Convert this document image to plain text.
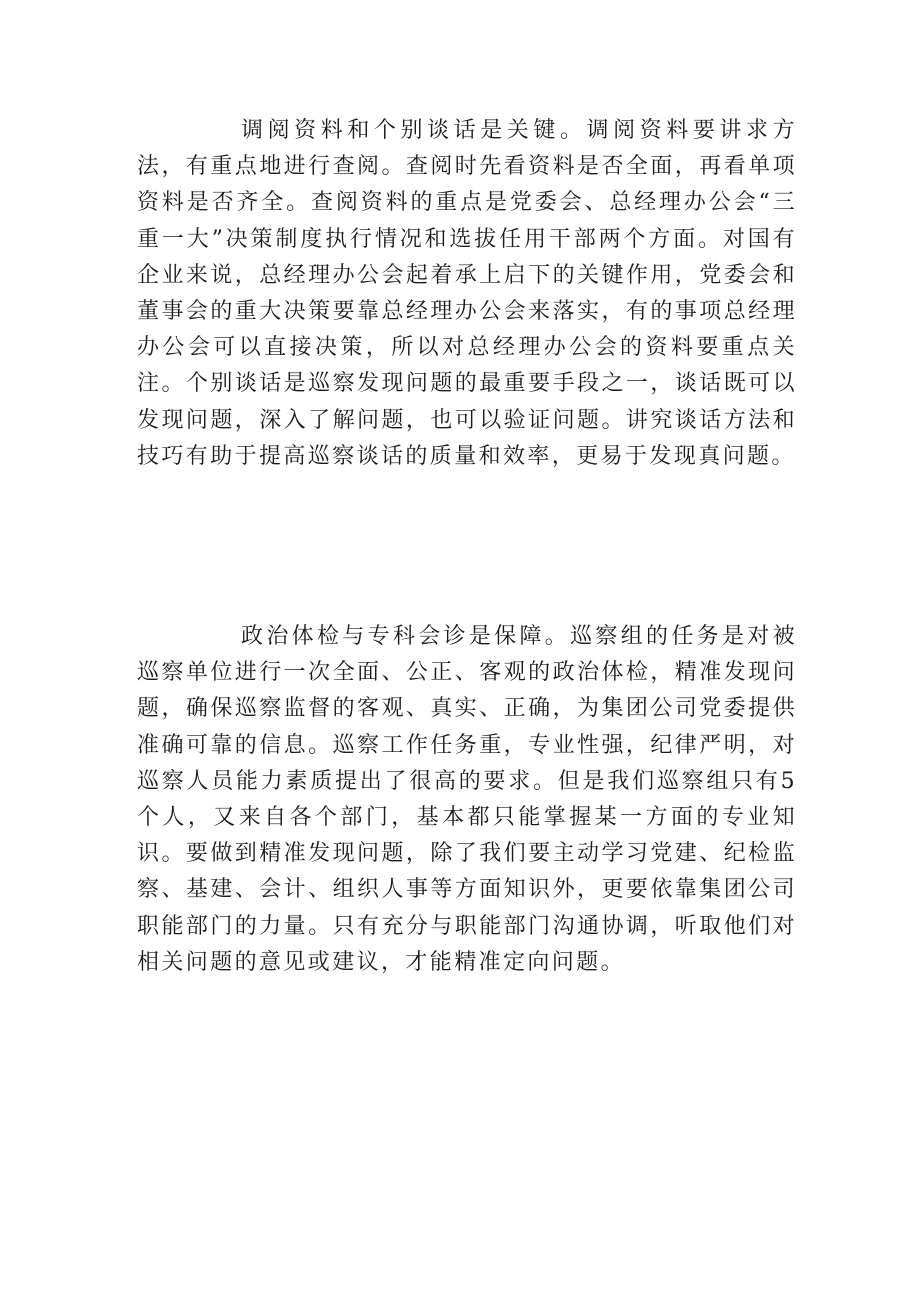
调阅资料和个别谈话是关键。调阅资料要讲求方法，有重点地进行查阅。查阅时先看资料是否全面，再看单项资料是否齐全。查阅资料的重点是党委会、总经理办公会“三重一大”决策制度执行情况和选拔任用干部两个方面。对国有企业来说，总经理办公会起着承上启下的关键作用，党委会和董事会的重大决策要靠总经理办公会来落实，有的事项总经理办公会可以直接决策，所以对总经理办公会的资料要重点关注。个别谈话是巡察发现问题的最重要手段之一，谈话既可以发现问题，深入了解问题，也可以验证问题。讲究谈话方法和技巧有助于提高巡察谈话的质量和效率，更易于发现真问题。

政治体检与专科会诊是保障。巡察组的任务是对被巡察单位进行一次全面、公正、客观的政治体检，精准发现问题，确保巡察监督的客观、真实、正确，为集团公司党委提供准确可靠的信息。巡察工作任务重，专业性强，纪律严明，对巡察人员能力素质提出了很高的要求。但是我们巡察组只有5个人，又来自各个部门，基本都只能掌握某一方面的专业知识。要做到精准发现问题，除了我们要主动学习党建、纪检监察、基建、会计、组织人事等方面知识外，更要依靠集团公司职能部门的力量。只有充分与职能部门沟通协调，听取他们对相关问题的意见或建议，才能精准定向问题。
